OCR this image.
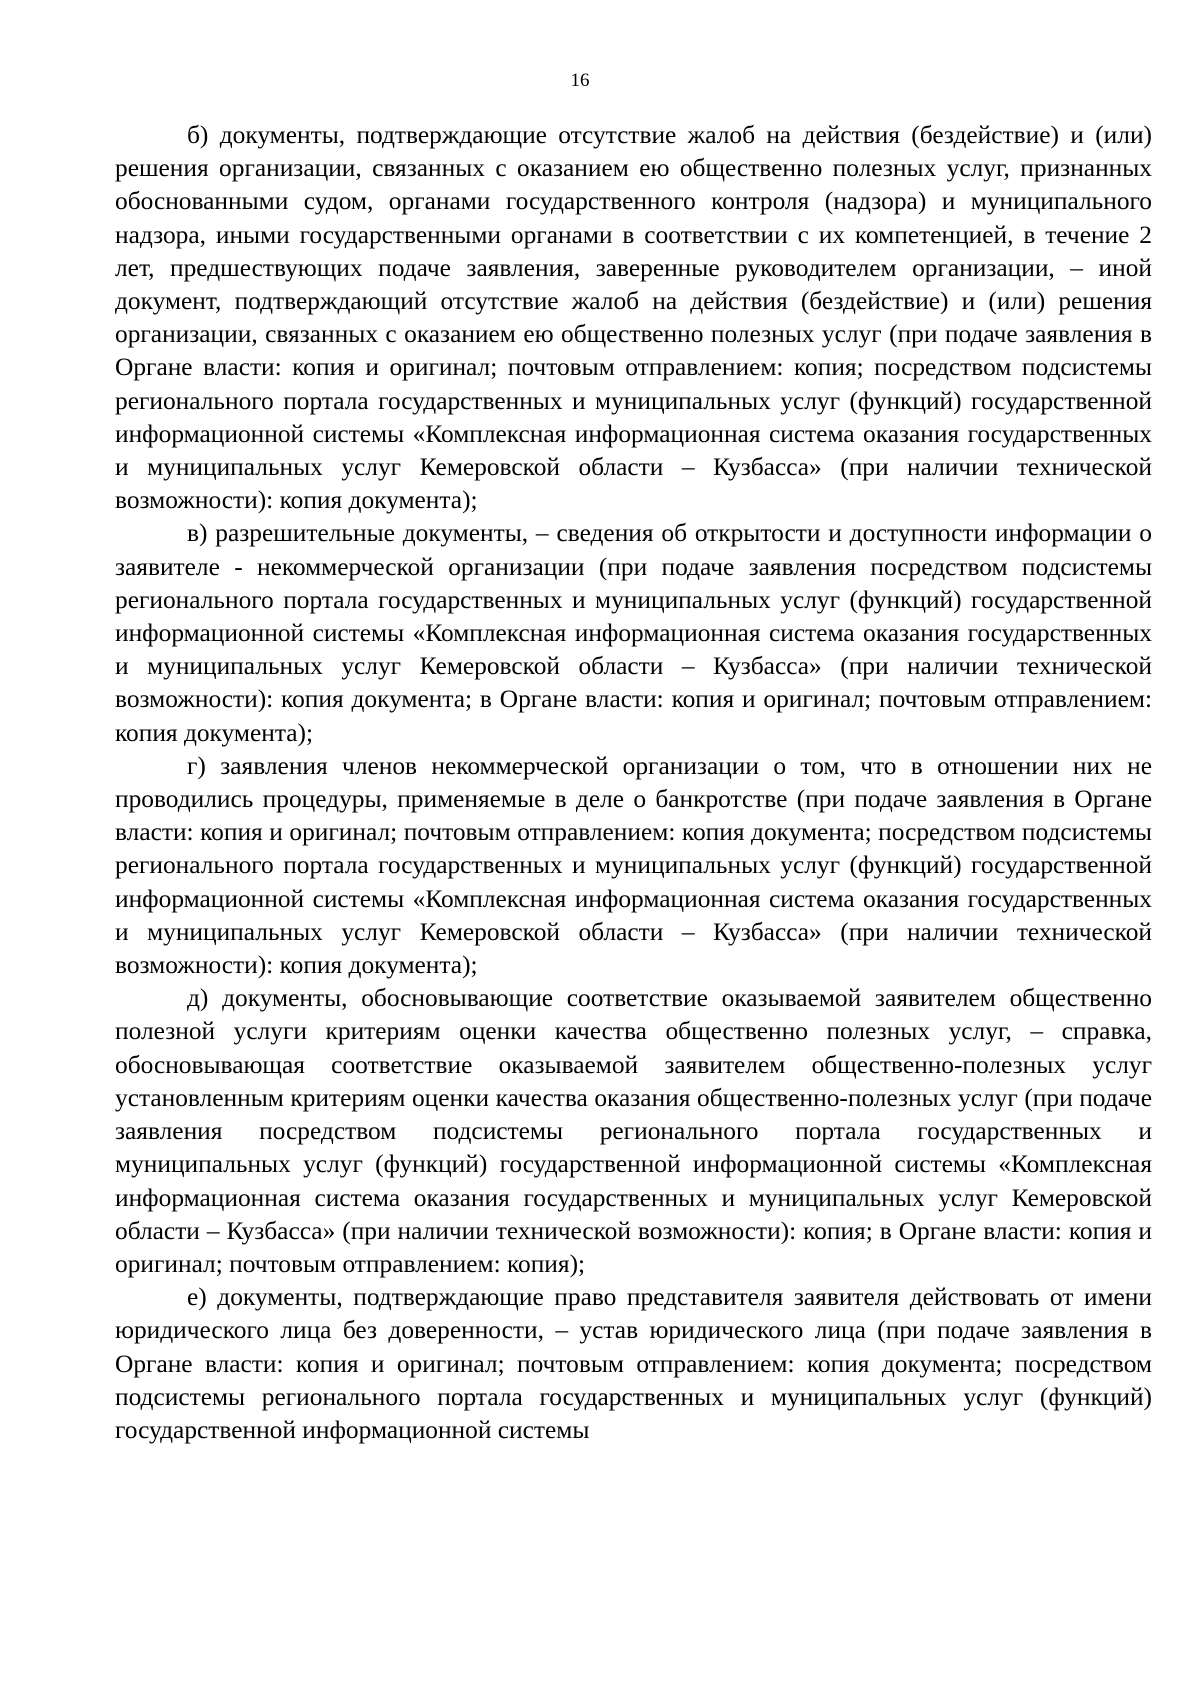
16

б) документы, подтверждающие отсутствие жалоб на действия (бездействие) и (или) решения организации, связанных с оказанием ею общественно полезных услуг, признанных обоснованными судом, органами государственного контроля (надзора) и муниципального надзора, иными государственными органами в соответствии с их компетенцией, в течение 2 лет, предшествующих подаче заявления, заверенные руководителем организации, – иной документ, подтверждающий отсутствие жалоб на действия (бездействие) и (или) решения организации, связанных с оказанием ею общественно полезных услуг (при подаче заявления в Органе власти: копия и оригинал; почтовым отправлением: копия; посредством подсистемы регионального портала государственных и муниципальных услуг (функций) государственной информационной системы «Комплексная информационная система оказания государственных и муниципальных услуг Кемеровской области – Кузбасса» (при наличии технической возможности): копия документа);

в) разрешительные документы, – сведения об открытости и доступности информации о заявителе - некоммерческой организации (при подаче заявления посредством подсистемы регионального портала государственных и муниципальных услуг (функций) государственной информационной системы «Комплексная информационная система оказания государственных и муниципальных услуг Кемеровской области – Кузбасса» (при наличии технической возможности): копия документа; в Органе власти: копия и оригинал; почтовым отправлением: копия документа);

г) заявления членов некоммерческой организации о том, что в отношении них не проводились процедуры, применяемые в деле о банкротстве (при подаче заявления в Органе власти: копия и оригинал; почтовым отправлением: копия документа; посредством подсистемы регионального портала государственных и муниципальных услуг (функций) государственной информационной системы «Комплексная информационная система оказания государственных и муниципальных услуг Кемеровской области – Кузбасса» (при наличии технической возможности): копия документа);

д) документы, обосновывающие соответствие оказываемой заявителем общественно полезной услуги критериям оценки качества общественно полезных услуг, – справка, обосновывающая соответствие оказываемой заявителем общественно-полезных услуг установленным критериям оценки качества оказания общественно-полезных услуг (при подаче заявления посредством подсистемы регионального портала государственных и муниципальных услуг (функций) государственной информационной системы «Комплексная информационная система оказания государственных и муниципальных услуг Кемеровской области – Кузбасса» (при наличии технической возможности): копия; в Органе власти: копия и оригинал; почтовым отправлением: копия);

е) документы, подтверждающие право представителя заявителя действовать от имени юридического лица без доверенности, – устав юридического лица (при подаче заявления в Органе власти: копия и оригинал; почтовым отправлением: копия документа; посредством подсистемы регионального портала государственных и муниципальных услуг (функций) государственной информационной системы
